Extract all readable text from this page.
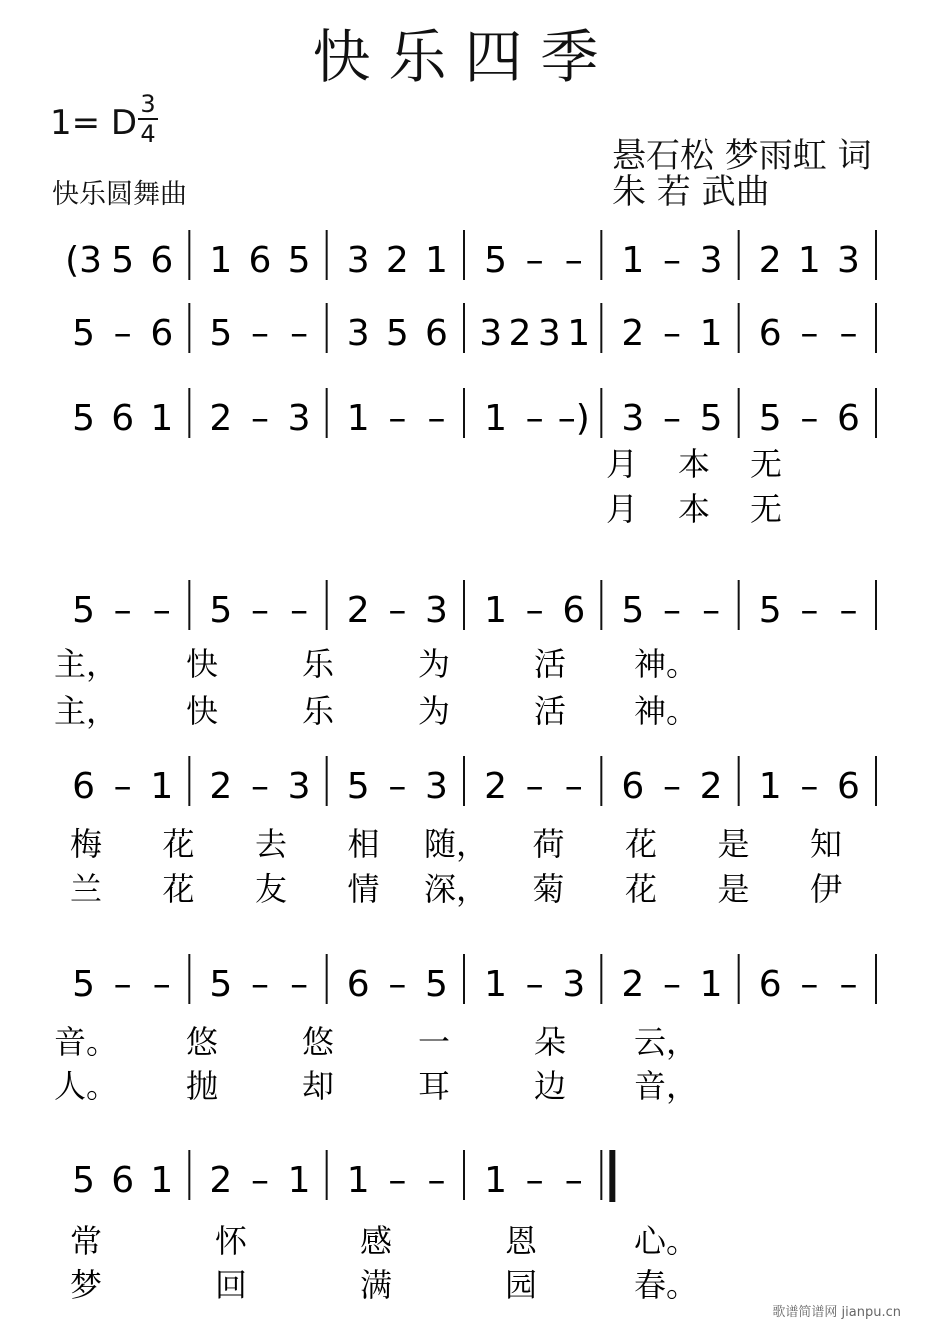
快乐四季
1= D 3
4
快乐圆舞曲
悬石松 梦雨虹 词
朱 若 武曲
(3 5 6 1 6 5 3 2 1 5 – – 1 – 3 2 1 3
5 – 6 5 – – 3 5 6 3 2 3 1 2 – 1 6 – –
5 6 1 2 – 3 1 – – 1 – –) 3 – 5 5 – 6
月 本 无
月 本 无
5 – – 5 – – 2 – 3 1 – 6 5 – – 5 – –
主， 快	乐	为	活 神。
主， 快	乐	为	活 神。
6 – 1 2 – 3 5 – 3 2 – – 6 – 2 1 – 6
梅 花 去 相 随， 荷 花 是 知
兰 花 友 情 深， 菊 花 是 伊
5 – – 5 – – 6 – 5 1 – 3 2 – 1 6 – –
音。 悠	悠	一	朵 云，
人。 抛	却	耳	边 音，
5 6 1 2 – 1 1 – – 1 – –
常	怀	感	恩	心。
梦	回	满	园	春。
歌谱简谱网 jianpu.cn
